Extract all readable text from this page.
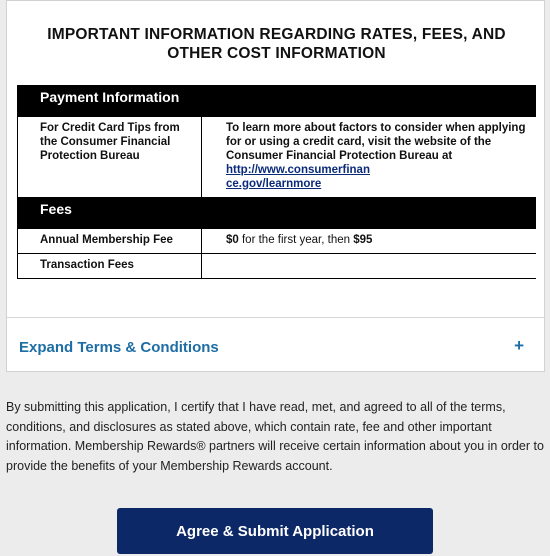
IMPORTANT INFORMATION REGARDING RATES, FEES, AND OTHER COST INFORMATION
Payment Information	
For Credit Card Tips from the Consumer Financial Protection Bureau	To learn more about factors to consider when applying for or using a credit card, visit the website of the Consumer Financial Protection Bureau at
http://www.consumerfinan
ce.gov/learnmore
Fees	
Annual Membership Fee	$0 for the first year, then $95
Transaction Fees	
Expand Terms & Conditions	+
By submitting this application, I certify that I have read, met, and agreed to all of the terms, conditions, and disclosures as stated above, which contain rate, fee and other important information. Membership Rewards® partners will receive certain information about you in order to provide the benefits of your Membership Rewards account.
Agree & Submit Application
